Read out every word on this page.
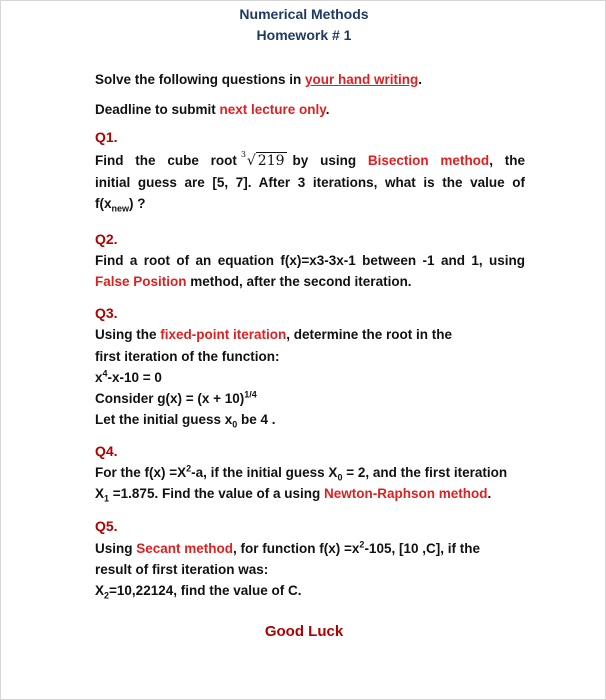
Numerical Methods
Homework # 1
Solve the following questions in your hand writing.
Deadline to submit next lecture only.
Q1.
Find the cube root 3 √ 219 by using Bisection method, the
initial guess are [5, 7]. After 3 iterations, what is the value of
$f(x_{new})$ ?
Q2.
Find a root of an equation f(x)=x3-3x-1 between -1 and 1, using
False Position method, after the second iteration.
Q3.
Using the fixed-point iteration, determine the root in the
first iteration of the function:
$x^4-x-10 = 0$
Consider $g(x) = (x + 10)^{1/4}$
Let the initial guess $x_0$ be 4 .
Q4.
For the $f(x) =X^2-a$, if the initial guess $X_0 = 2$, and the first iteration
$X_1 =1.875$. Find the value of a using Newton-Raphson method.
Q5.
Using Secant method, for function $f(x) =x^2-105$, [10 ,C], if the
result of first iteration was:
$X_2=10,22124$, find the value of C.
Good Luck
